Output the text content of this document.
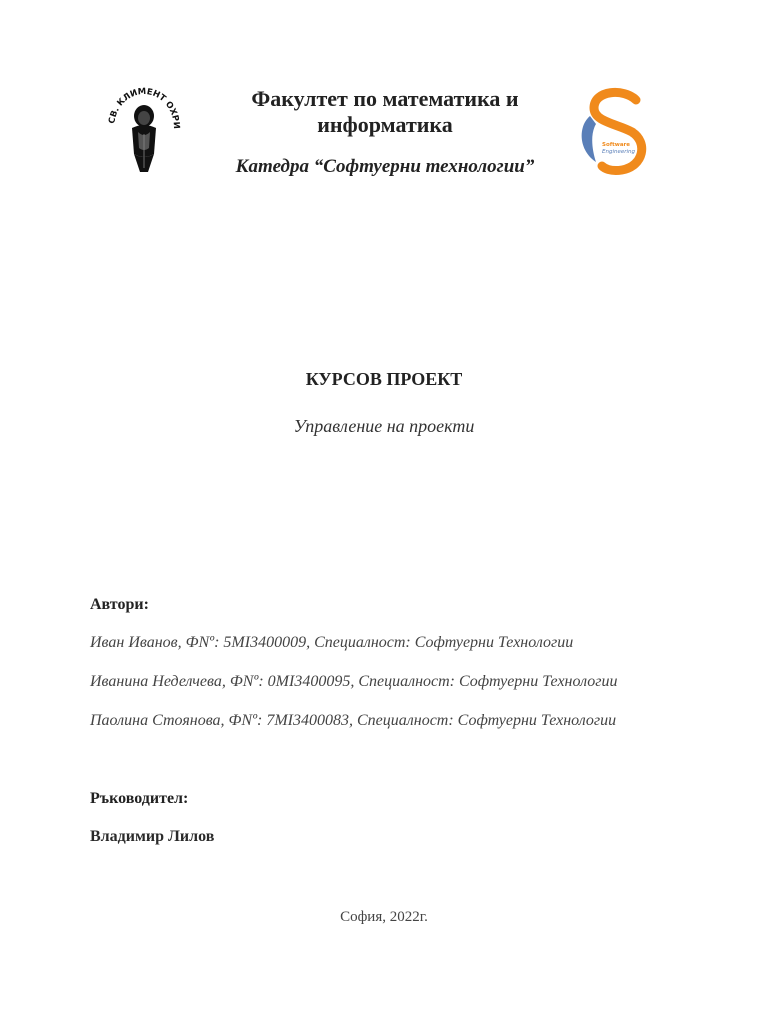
СВ. КЛИМЕНТ ОХРИ
Факултет по математика и информатика
Катедра “Софтуерни технологии”
Software
Engineering
КУРСОВ ПРОЕКТ
Управление на проекти
Автори:
Иван Иванов, ФNº: 5MI3400009, Специалност: Софтуерни Технологии
Иванина Неделчева, ФNº: 0MI3400095, Специалност: Софтуерни Технологии
Паолина Стоянова, ФNº: 7MI3400083, Специалност: Софтуерни Технологии
Ръководител:
Владимир Лилов
София, 2022г.
